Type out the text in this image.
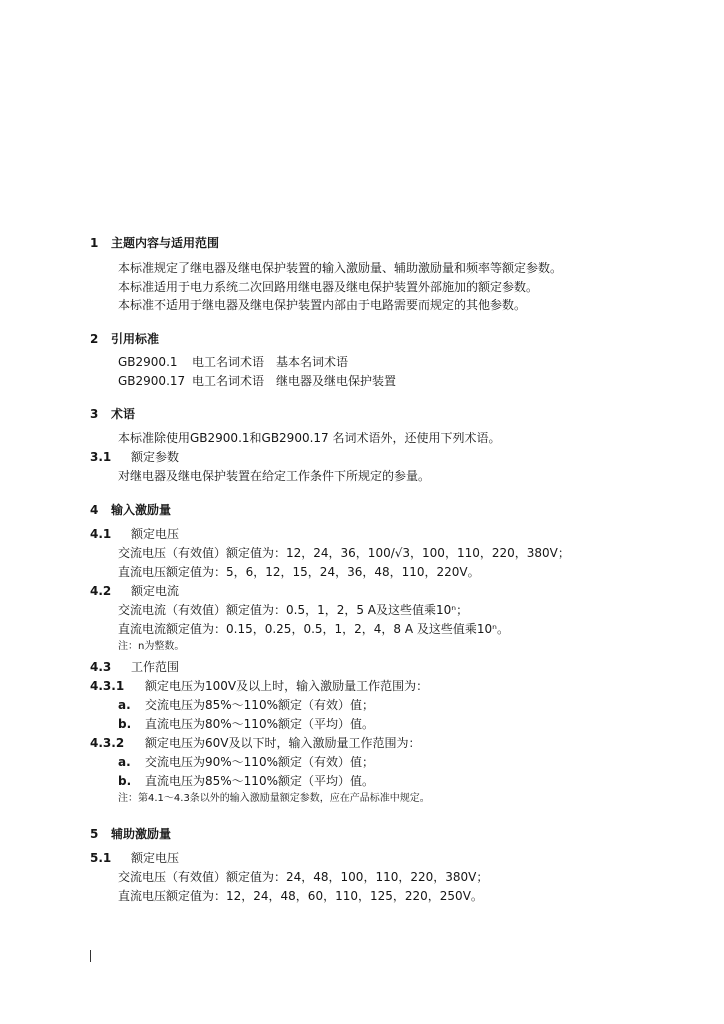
1 主题内容与适用范围
本标准规定了继电器及继电保护装置的输入激励量、辅助激励量和频率等额定参数。
本标准适用于电力系统二次回路用继电器及继电保护装置外部施加的额定参数。
本标准不适用于继电器及继电保护装置内部由于电路需要而规定的其他参数。
2 引用标准
GB2900.1 电工名词术语　基本名词术语
GB2900.17 电工名词术语　继电器及继电保护装置
3 术语
本标准除使用GB2900.1和GB2900.17 名词术语外，还使用下列术语。
3.1 额定参数
对继电器及继电保护装置在给定工作条件下所规定的参量。
4 输入激励量
4.1 额定电压
交流电压（有效值）额定值为：12，24，36，100/√3，100，110，220，380V；
直流电压额定值为：5，6，12，15，24，36，48，110，220V。
4.2 额定电流
交流电流（有效值）额定值为：0.5，1，2，5 A及这些值乘10ⁿ；
直流电流额定值为：0.15，0.25，0.5，1，2，4，8 A 及这些值乘10ⁿ。
注：n为整数。
4.3 工作范围
4.3.1 额定电压为100V及以上时，输入激励量工作范围为：
a. 交流电压为85%～110%额定（有效）值；
b. 直流电压为80%～110%额定（平均）值。
4.3.2 额定电压为60V及以下时，输入激励量工作范围为：
a. 交流电压为90%～110%额定（有效）值；
b. 直流电压为85%～110%额定（平均）值。
注：第4.1～4.3条以外的输入激励量额定参数，应在产品标准中规定。
5 辅助激励量
5.1 额定电压
交流电压（有效值）额定值为：24，48，100，110，220，380V；
直流电压额定值为：12，24，48，60，110，125，220，250V。
